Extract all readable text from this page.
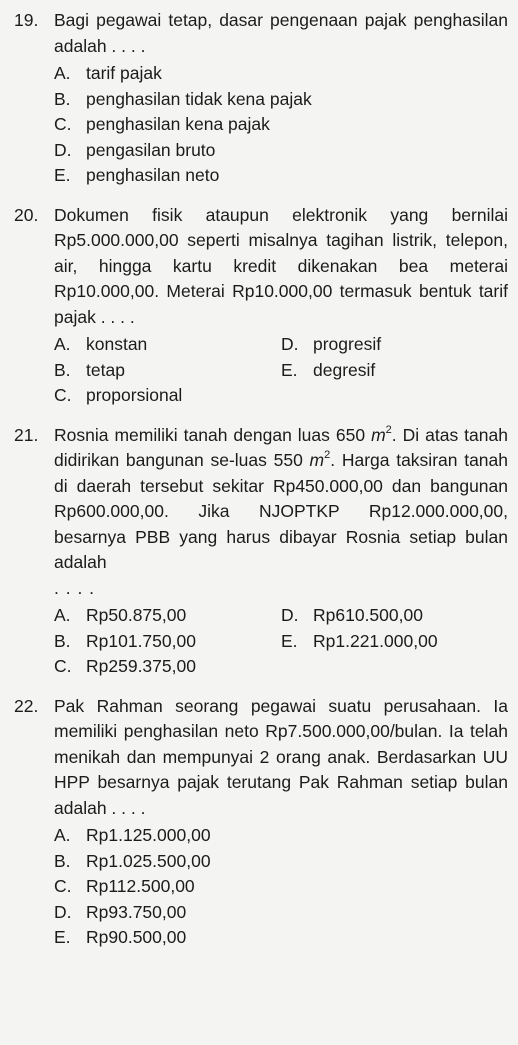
19. Bagi pegawai tetap, dasar pengenaan pajak penghasilan adalah . . . .
A. tarif pajak
B. penghasilan tidak kena pajak
C. penghasilan kena pajak
D. pengasilan bruto
E. penghasilan neto
20. Dokumen fisik ataupun elektronik yang bernilai Rp5.000.000,00 seperti misalnya tagihan listrik, telepon, air, hingga kartu kredit dikenakan bea meterai Rp10.000,00. Meterai Rp10.000,00 termasuk bentuk tarif pajak . . . .
A. konstan	D. progresif
B. tetap	E. degresif
C. proporsional
21. Rosnia memiliki tanah dengan luas 650 $m^2$. Di atas tanah didirikan bangunan se-luas 550 $m^2$. Harga taksiran tanah di daerah tersebut sekitar Rp450.000,00 dan bangunan Rp600.000,00. Jika NJOPTKP Rp12.000.000,00, besarnya PBB yang harus dibayar Rosnia setiap bulan adalah
. . . .
A. Rp50.875,00	D. Rp610.500,00
B. Rp101.750,00	E. Rp1.221.000,00
C. Rp259.375,00
22. Pak Rahman seorang pegawai suatu perusahaan. Ia memiliki penghasilan neto Rp7.500.000,00/bulan. Ia telah menikah dan mempunyai 2 orang anak. Berdasarkan UU HPP besarnya pajak terutang Pak Rahman setiap bulan adalah . . . .
A. Rp1.125.000,00
B. Rp1.025.500,00
C. Rp112.500,00
D. Rp93.750,00
E. Rp90.500,00
